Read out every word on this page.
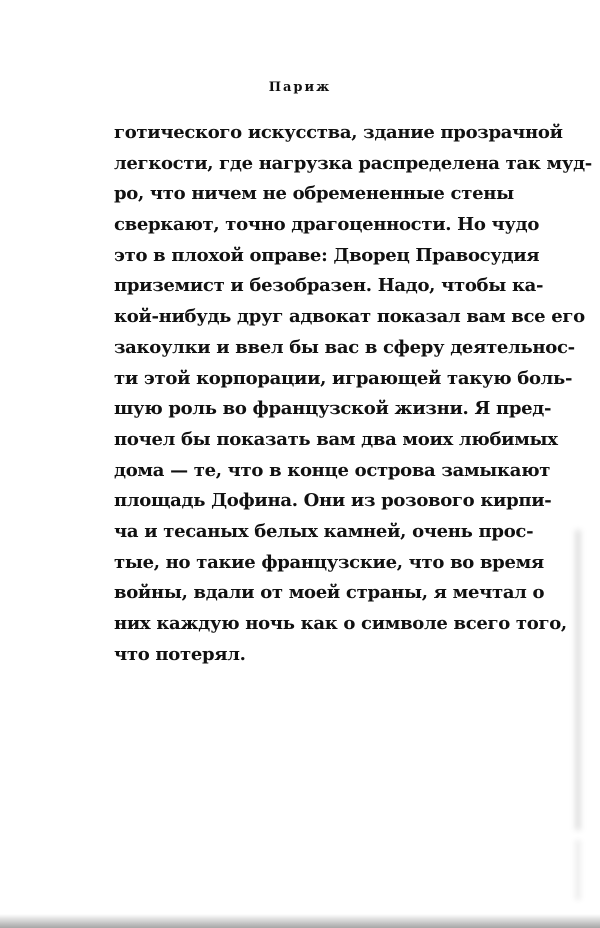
Париж
готического искусства, здание прозрачной
легкости, где нагрузка распределена так муд-
ро, что ничем не обремененные стены
сверкают, точно драгоценности. Но чудо
это в плохой оправе: Дворец Правосудия
приземист и безобразен. Надо, чтобы ка-
кой-нибудь друг адвокат показал вам все его
закоулки и ввел бы вас в сферу деятельнос-
ти этой корпорации, играющей такую боль-
шую роль во французской жизни. Я пред-
почел бы показать вам два моих любимых
дома — те, что в конце острова замыкают
площадь Дофина. Они из розового кирпи-
ча и тесаных белых камней, очень прос-
тые, но такие французские, что во время
войны, вдали от моей страны, я мечтал о
них каждую ночь как о символе всего того,
что потерял.
